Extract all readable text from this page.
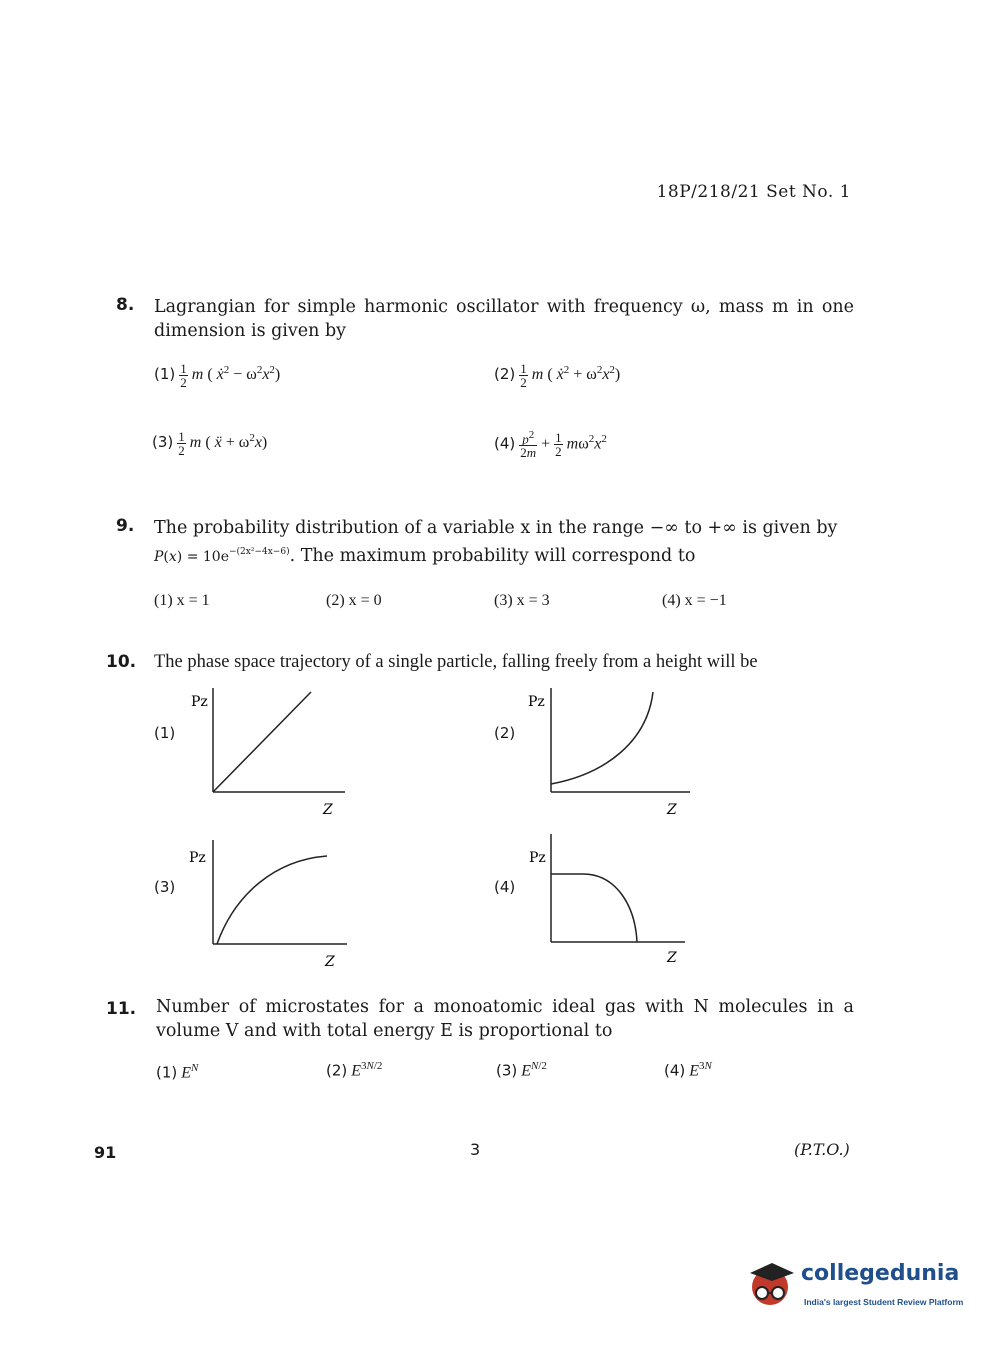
18P/218/21 Set No. 1
8. Lagrangian for simple harmonic oscillator with frequency ω, mass m in one dimension is given by
$(1) \frac{1}{2}$ m ( ẋ$^2$ − $\omega^2x^2$)	$(2) \frac{1}{2}$ m ( ẋ$^2$ + $\omega^2x^2$)
$(3) \frac{1}{2}$ m ( ẍ + $\omega^2x$)	$(4) \frac{p^2}{2m} + \frac{1}{2} m\omega^2x^2$
9. The probability distribution of a variable x in the range −∞ to +∞ is given by
$P(x) = 10e^{-(2x^2-4x-6)}$. The maximum probability will correspond to
(1) x = 1	(2) x = 0	(3) x = 3	(4) x = −1
10. The phase space trajectory of a single particle, falling freely from a height will be
(1)	(2)
(3)	(4)
Pz
Z
Pz
Z
Pz
Z
Pz
Z
11. Number of microstates for a monoatomic ideal gas with N molecules in a volume V and with total energy E is proportional to
(1) $E^N$	(2) $E^{3N/2}$	(3) $E^{N/2}$	(4) $E^{3N}$
91	3	(P.T.O.)
collegedunia
India's largest Student Review Platform
